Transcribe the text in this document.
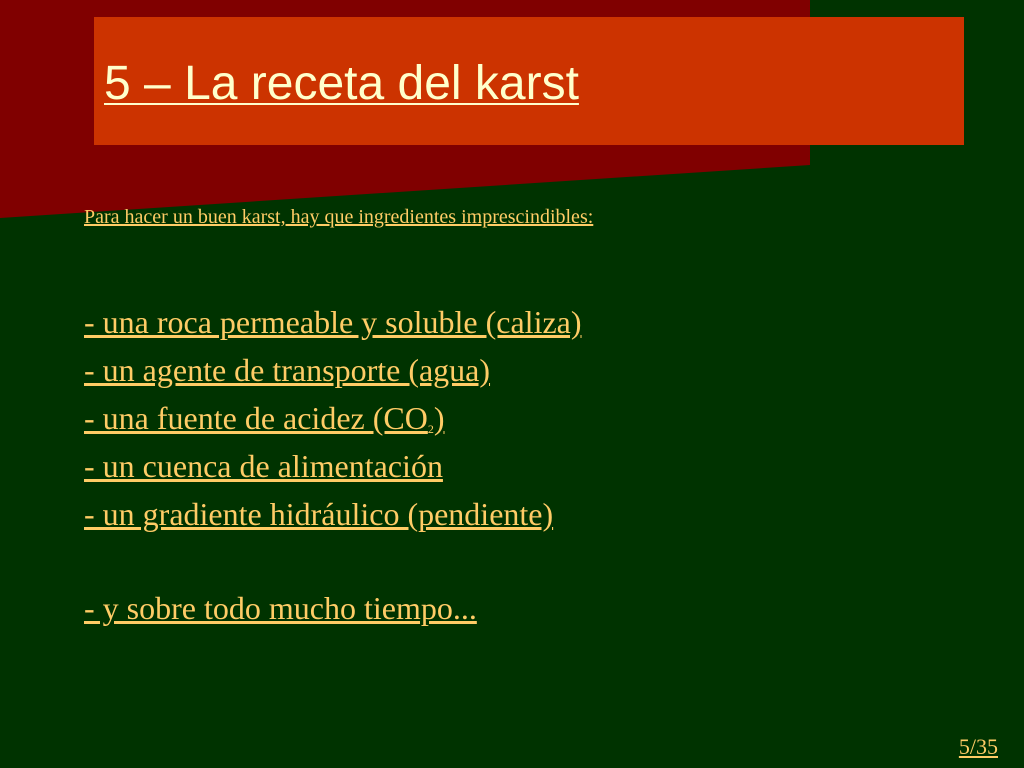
5 – La receta del karst

Para hacer un buen karst, hay que ingredientes imprescindibles:

- una roca permeable y soluble (caliza)
- un agente de transporte (agua)
- una fuente de acidez $(CO_2)$
- un cuenca de alimentación
- un gradiente hidráulico (pendiente)

- y sobre todo mucho tiempo...

5/35
